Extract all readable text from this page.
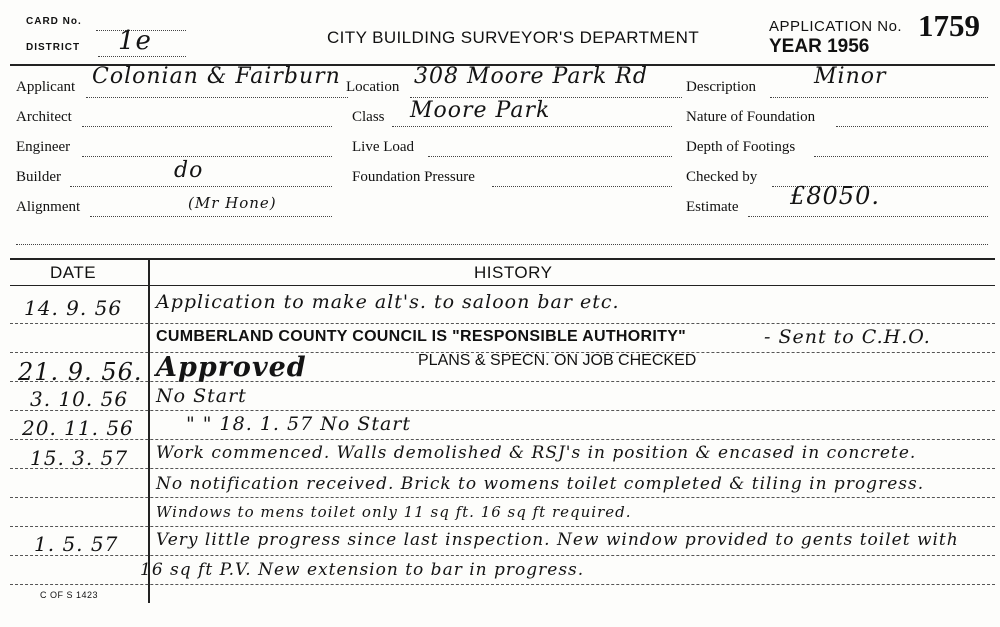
CARD No.
DISTRICT 1e	CITY BUILDING SURVEYOR'S DEPARTMENT
APPLICATION No. 1759
YEAR 1956
Applicant Colonian & Fairburn
Architect
Engineer
Builder	do
Alignment	(Mr Hone)
Location 308 Moore Park Rd
Class Moore Park
Live Load
Foundation Pressure
Description	Minor
Nature of Foundation
Depth of Footings
Checked by
Estimate £8050.
DATE	HISTORY
14. 9. 56 Application to make alt's. to saloon bar etc.
CUMBERLAND COUNTY COUNCIL IS "RESPONSIBLE AUTHORITY"	- Sent to C.H.O.
21. 9. 56. Approved	PLANS & SPECN. ON JOB CHECKED
3. 10. 56 No Start
20. 11. 56	" " 18. 1. 57 No Start
15. 3. 57 Work commenced. Walls demolished & RSJ's in position & encased in concrete.
No notification received. Brick to womens toilet completed & tiling in progress.
Windows to mens toilet only 11 sq ft. 16 sq ft required.
1. 5. 57 Very little progress since last inspection. New window provided to gents toilet with
16 sq ft P.V. New extension to bar in progress.
C OF S 1423
